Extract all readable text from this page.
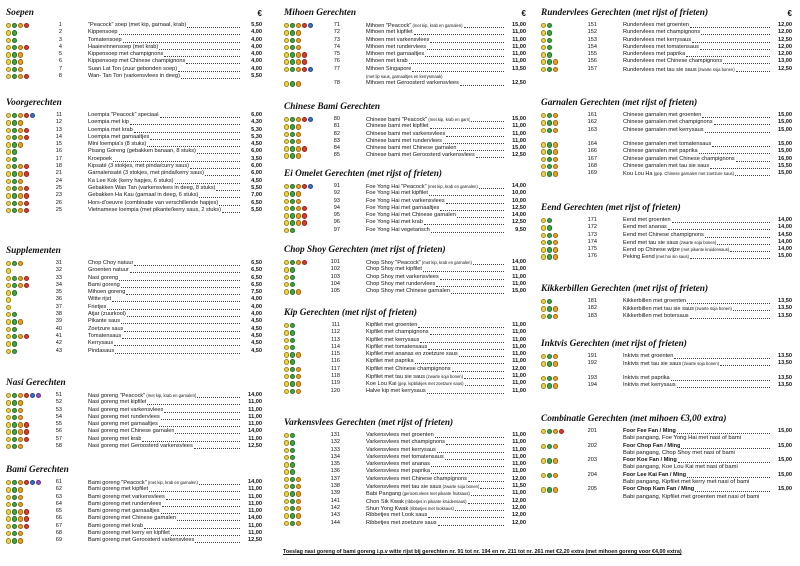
Soepen	€
1	"Peacock" soep (met kip, garnaal, krab)	5,50
2	Kippensoep	4,00
3	Tomatensoep	4,00
4	Haaievinnensoep (met krab)	4,00
5	Kippensoep met champignons	4,00
6	Kippensoep met Chinese champignons	4,00
7	Suan Lat Ton (zuur gebonden soep)	4,00
8	Wan- Tan Ton (varkensvlees in deeg)	5,50
Voorgerechten
11	Loempia "Peacock" speciaal	6,00
12	Loempia met kip	4,30
13	Loempia met krab	5,30
14	Loempia met garnaaltjes	5,30
15	Mini loempia's (8 stuks)	4,50
16	Pisang Goreng (gebakken banaan, 8 stuks)	6,00
17	Kroepoek	3,50
18	Kipsaté (3 stokjes, met pinda/curry saus)	6,00
21	Garnalensaté (3 stokjes, met pinda/kerry saus)	6,00
24	Ka Lee Kok (kerry hapjes, 6 stuks)	4,50
25	Gebakken Wan Tan (varkensvlees in deeg, 8 stuks)	5,50
23	Gebakken Ha Kau (garnaal in deeg, 6 stuks)	7,00
26	Hors-d'oeuvre (combinatie van verschillende hapjes)	6,50
25	Vietnamese loempia (met pikante/kerry saus, 2 stuks)	5,50
Supplementen
31	Chop Choy natuur	6,50
32	Groenten natuur	6,50
33	Nasi goreng	6,50
34	Bami goreng	6,50
35	Mihoen goreng	7,50
36	Witte rijst	4,00
37	Frietjes	4,00
38	Atjar (zuurkool)	4,00
39	Pikante saus	4,50
40	Zoetzure saus	4,50
41	Tomatensaus	4,50
42	Kerrysaus	4,50
43	Pindasaus	4,50
Nasi Gerechten
51	Nasi goreng "Peacock" (met kip, krab en garnalen)	14,00
52	Nasi goreng met kipfilet	11,00
53	Nasi goreng met varkensvlees	11,00
54	Nasi goreng met rundervlees	11,00
55	Nasi goreng met garnaaltjes	11,00
56	Nasi goreng met Chinese garnalen	14,00
57	Nasi goreng met krab	11,00
58	Nasi goreng met Geroosterd varkensvlees	12,50
Bami Gerechten
61	Bami goreng "Peacock" (met kip, krab en garnalen)	14,00
62	Bami goreng met kipfilet	11,00
63	Bami goreng met varkensvlees	11,00
64	Bami goreng met rundervlees	11,00
65	Bami goreng met garnaaltjes	11,00
66	Bami goreng met Chinese garnalen	14,00
67	Bami goreng met krab	11,00
68	Bami goreng met kerry en kipfilet	11,00
69	Bami goreng met Geroosterd varkensvlees	12,50
Mihoen Gerechten	€
71	Mihoen "Peacock" (met kip, krab en garnalen)	15,00
72	Mihoen met kipfilet	11,00
73	Mihoen met varkensvlees	11,00
74	Mihoen met rundervlees	11,00
75	Mihoen met garnaaltjes	11,00
76	Mihoen met krab	11,00
77	Mihoen Singapore	13,50
(met lip saus, garnaaltjes en kerrysmaak)
78	Mihoen met Geroosterd varkensvlees	12,50
Chinese Bami Gerechten
80	Chinese bami "Peacock" (met kip, krab en garn)	15,00
81	Chinese bami met kipfilet	11,00
82	Chinese bami met varkensvlees	11,00
83	Chinese bami met rundervlees	11,00
84	Chinese bami met Chinese garnalen	15,00
85	Chinese bami met Geroosterd varkensvlees	12,50
Ei Omelet Gerechten (met rijst of frieten)
91	Foe Yong Hai "Peacock" (met kip, krab en garnalen)	14,00
92	Foe Yong Hai met kipfilet	10,00
93	Foe Yong Hai met varkensvlees	10,00
94	Foe Yong Hai met garnaaltjes	12,50
95	Foe Yong Hai met Chinese garnalen	14,00
96	Foe Yong Hai met krab	12,50
97	Foe Yong Hai vegetarisch	9,50
Chop Shoy Gerechten (met rijst of frieten)
101	Chop Shoy "Peacock" (met kip, krab en garnalen)	14,00
102	Chop Shoy met kipfilet	11,00
103	Chop Shoy met varkensvlees	11,00
104	Chop Shoy met rundervlees	11,00
105	Chop Shoy met Chinese garnalen	15,00
Kip Gerechten (met rijst of frieten)
111	Kipfilet met groenten	11,00
112	Kipfilet met champignons	11,00
113	Kipfilet met kerrysaus	11,00
114	Kipfilet met tomatensaus	11,00
115	Kipfilet met ananas en zoetzure saus	11,00
116	Kipfilet met paprika	11,00
117	Kipfilet met Chinese champignons	12,00
118	Kipfilet met tau sie saus (zwarte soja bonen)	11,00
119	Koe Lou Kai (gep. kipblokjes met zoetzure saus)	11,00
120	Halve kip met kerrysaus	11,00
Varkensvlees Gerechten (met rijst of frieten)
131	Varkensvlees met groenten	11,00
132	Varkensvlees met champignons	11,00
133	Varkensvlees met kerrysaus	11,00
134	Varkensvlees met tomatensaus	11,00
135	Varkensvlees met ananas	11,00
136	Varkensvlees met paprika	11,00
137	Varkensvlees met Chinese champignons	12,00
138	Varkensvlees met tau sie saus (zwarte soja bonen)	11,50
139	Babi Pangang (geroost.vlees met pikante fruitsaus)	11,00
141	Chon Sik Kwak (ribbetjes in pikante kruidensaus)	12,00
142	Shun Yong Kwak (ribbetjes met looksaus)	12,00
143	Ribbetjes met Look saus	12,00
144	Ribbetjes met zoetzure saus	12,00
Rundervlees Gerechten (met rijst of frieten)	€
151	Rundervlees met groenten	12,00
152	Rundervlees met champignons	12,00
153	Rundervlees met kerrysaus	12,50
154	Rundervlees met tomatensaus	12,00
155	Rundervlees met paprika	12,00
156	Rundervlees met Chinese champignons	13,00
157	Rundervlees met tau sie saus (zwarte soja bonen)	12,50
Garnalen Gerechten (met rijst of frieten)
161	Chinese garnalen met groenten	15,00
162	Chinese garnalen met champignons	15,00
163	Chinese garnalen met kerrysaus	15,00
164	Chinese garnalen met tomatensaus	15,00
166	Chinese garnalen met paprika	15,00
167	Chinese garnalen met Chinese champignons	16,00
168	Chinese garnalen met tau sie saus	15,50
169	Kou Lou Ha (gep. Chinese garnalen met zoetzure saus)	15,00
Eend Gerechten (met rijst of frieten)
171	Eend met groenten	14,00
172	Eend met ananas	14,00
173	Eend met Chinese champignons	14,50
174	Eend met tau sie saus (zwarte soja bonen)	14,00
175	Eend op Chinese wijze (met pikante kruidensaus)	14,00
176	Peking Eend (met hoi sin saus)	15,00
Kikkerbillen Gerechten (met rijst of frieten)
181	Kikkerbillen met groenten	13,50
182	Kikkerbillen met tau sie saus (zwarte soja bonen)	13,50
183	Kikkerbillen met botersaus	13,50
Inktvis Gerechten (met rijst of frieten)
191	Inktvis met groenten	13,50
192	Inktvis met tau sie saus (zwarte soja bonen)	13,50
193	Inktvis met paprika	13,50
194	Inktvis met kerrysaus	13,50
Combinatie Gerechten (met mihoen €3,00 extra)
201	Foor Fee Fan / Ming	15,00
Babi pangang, Foe Yong Hai met nasi of bami
202	Foor Chop Fan / Ming	15,00
Babi pangang, Chop Shoy met nasi of bami
203	Foor Koe Fan / Ming	15,00
Babi pangang, Koe Lou Kai met nasi of bami
204	Foor Lee Kai Fan / Ming	15,00
Babi pangang, Kipfilet met kerry met nasi of bami
205	Foor Chop Kam Fan / Ming	15,00
Babi pangang, Kipfilet met groenten met nasi of bami
Toeslag nasi goreng of bami goreng i.p.v witte rijst bij gerechten nr. 91 tot nr. 194 en nr. 211 tot nr. 261 met €2,20 extra (met mihoen goreng voor €4,00 extra)
